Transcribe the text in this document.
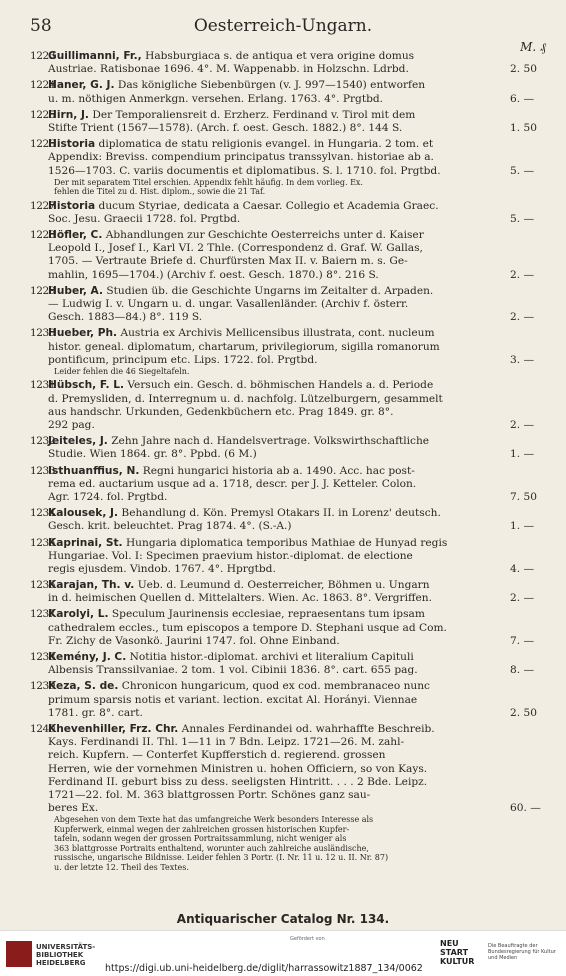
58	Oesterreich-Ungarn.
M. ₰
1223Guillimanni, Fr., Habsburgiaca s. de antiqua et vera origine domus
Austriae. Ratisbonae 1696. 4°. M. Wappenabb. in Holzschn. Ldrbd.	2. 50
1224Haner, G. J. Das königliche Siebenbürgen (v. J. 997—1540) entworfen
u. m. nöthigen Anmerkgn. versehen. Erlang. 1763. 4°. Prgtbd.	6. —
1225Hirn, J. Der Temporaliensreit d. Erzherz. Ferdinand v. Tirol mit dem
Stifte Trient (1567—1578). (Arch. f. oest. Gesch. 1882.) 8°. 144 S.	1. 50
1226Historia diplomatica de statu religionis evangel. in Hungaria. 2 tom. et
Appendix: Breviss. compendium principatus transsylvan. historiae ab a.
1526—1703. C. variis documentis et diplomatibus. S. l. 1710. fol. Prgtbd.	5. —
Der mit separatem Titel erschien. Appendix fehlt häufig. In dem vorlieg. Ex.
fehlen die Titel zu d. Hist. diplom., sowie die 21 Taf.
1227Historia ducum Styriae, dedicata a Caesar. Collegio et Academia Graec.
Soc. Jesu. Graecii 1728. fol. Prgtbd.	5. —
1228Höfler, C. Abhandlungen zur Geschichte Oesterreichs unter d. Kaiser
Leopold I., Josef I., Karl VI. 2 Thle. (Correspondenz d. Graf. W. Gallas,
1705. — Vertraute Briefe d. Churfürsten Max II. v. Baiern m. s. Ge-
mahlin, 1695—1704.) (Archiv f. oest. Gesch. 1870.) 8°. 216 S.	2. —
1229Huber, A. Studien üb. die Geschichte Ungarns im Zeitalter d. Arpaden.
— Ludwig I. v. Ungarn u. d. ungar. Vasallenländer. (Archiv f. österr.
Gesch. 1883—84.) 8°. 119 S.	2. —
1230Hueber, Ph. Austria ex Archivis Mellicensibus illustrata, cont. nucleum
histor. geneal. diplomatum, chartarum, privilegiorum, sigilla romanorum
pontificum, principum etc. Lips. 1722. fol. Prgtbd.	3. —
Leider fehlen die 46 Siegeltafeln.
1231Hübsch, F. L. Versuch ein. Gesch. d. böhmischen Handels a. d. Periode
d. Premysliden, d. Interregnum u. d. nachfolg. Lützelburgern, gesammelt
aus handschr. Urkunden, Gedenkbüchern etc. Prag 1849. gr. 8°.
292 pag.	2. —
1232Jeiteles, J. Zehn Jahre nach d. Handelsvertrage. Volkswirthschaftliche
Studie. Wien 1864. gr. 8°. Ppbd. (6 M.)	1. —
1233Isthuanffius, N. Regni hungarici historia ab a. 1490. Acc. hac post-
rema ed. auctarium usque ad a. 1718, descr. per J. J. Ketteler. Colon.
Agr. 1724. fol. Prgtbd.	7. 50
1234Kalousek, J. Behandlung d. Kön. Premysl Otakars II. in Lorenz' deutsch.
Gesch. krit. beleuchtet. Prag 1874. 4°. (S.-A.)	1. —
1235Kaprinai, St. Hungaria diplomatica temporibus Mathiae de Hunyad regis
Hungariae. Vol. I: Specimen praevium histor.-diplomat. de electione
regis ejusdem. Vindob. 1767. 4°. Hprgtbd.	4. —
1236Karajan, Th. v. Ueb. d. Leumund d. Oesterreicher, Böhmen u. Ungarn
in d. heimischen Quellen d. Mittelalters. Wien. Ac. 1863. 8°. Vergriffen.	2. —
1237Karolyi, L. Speculum Jaurinensis ecclesiae, repraesentans tum ipsam
cathedralem eccles., tum episcopos a tempore D. Stephani usque ad Com.
Fr. Zichy de Vasonkö. Jaurini 1747. fol. Ohne Einband.	7. —
1238Kemény, J. C. Notitia histor.-diplomat. archivi et literalium Capituli
Albensis Transsilvaniae. 2 tom. 1 vol. Cibinii 1836. 8°. cart. 655 pag.	8. —
1239Keza, S. de. Chronicon hungaricum, quod ex cod. membranaceo nunc
primum sparsis notis et variant. lection. excitat Al. Horányi. Viennae
1781. gr. 8°. cart.	2. 50
1240Khevenhiller, Frz. Chr. Annales Ferdinandei od. wahrhaffte Beschreib.
Kays. Ferdinandi II. Thl. 1—11 in 7 Bdn. Leipz. 1721—26. M. zahl-
reich. Kupfern. — Conterfet Kupfferstich d. regierend. grossen
Herren, wie der vornehmen Ministren u. hohen Officiern, so von Kays.
Ferdinand II. geburt biss zu dess. seeligsten Hintritt. . . . 2 Bde. Leipz.
1721—22. fol. M. 363 blattgrossen Portr. Schönes ganz sau-
beres Ex.	60. —
Abgesehen von dem Texte hat das umfangreiche Werk besonders Interesse als
Kupferwerk, einmal wegen der zahlreichen grossen historischen Kupfer-
tafeln, sodann wegen der grossen Portraitssammlung, nicht weniger als
363 blattgrosse Portraits enthaltend, worunter auch zahlreiche ausländische,
russische, ungarische Bildnisse. Leider fehlen 3 Portr. (I. Nr. 11 u. 12 u. II. Nr. 87)
u. der letzte 12. Theil des Textes.
Antiquarischer Catalog Nr. 134.
UNIVERSITÄTS-
BIBLIOTHEK
HEIDELBERG
Gefördert von	NEU
START
KULTUR
Die Beauftragte der Bundesregierung für Kultur und Medien
https://digi.ub.uni-heidelberg.de/diglit/harrassowitz1887_134/0062
